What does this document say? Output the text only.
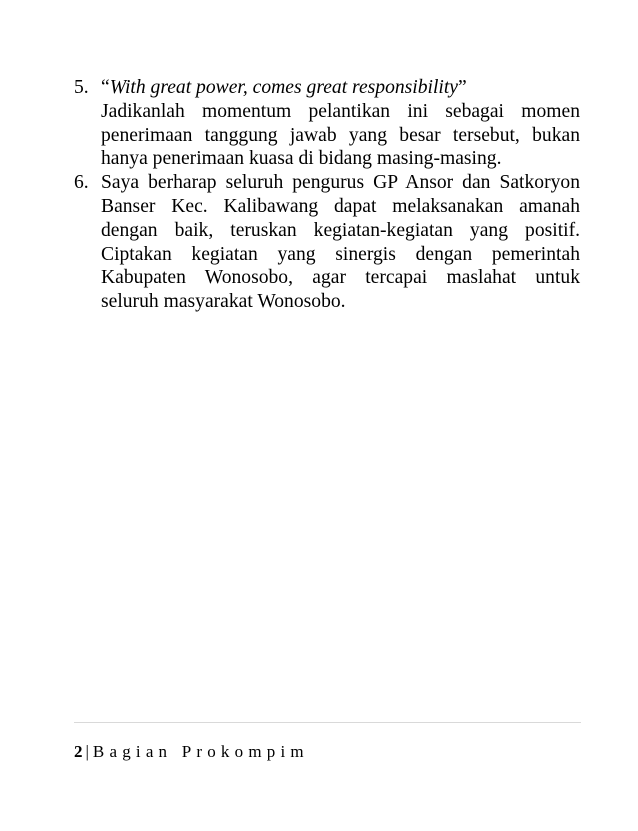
5. “With great power, comes great responsibility”
Jadikanlah momentum pelantikan ini sebagai momen
penerimaan tanggung jawab yang besar tersebut, bukan
hanya penerimaan kuasa di bidang masing-masing.
6. Saya berharap seluruh pengurus GP Ansor dan Satkoryon
Banser Kec. Kalibawang dapat melaksanakan amanah
dengan baik, teruskan kegiatan-kegiatan yang positif.
Ciptakan kegiatan yang sinergis dengan pemerintah
Kabupaten Wonosobo, agar tercapai maslahat untuk
seluruh masyarakat Wonosobo.
2 | Bagian Prokompim
